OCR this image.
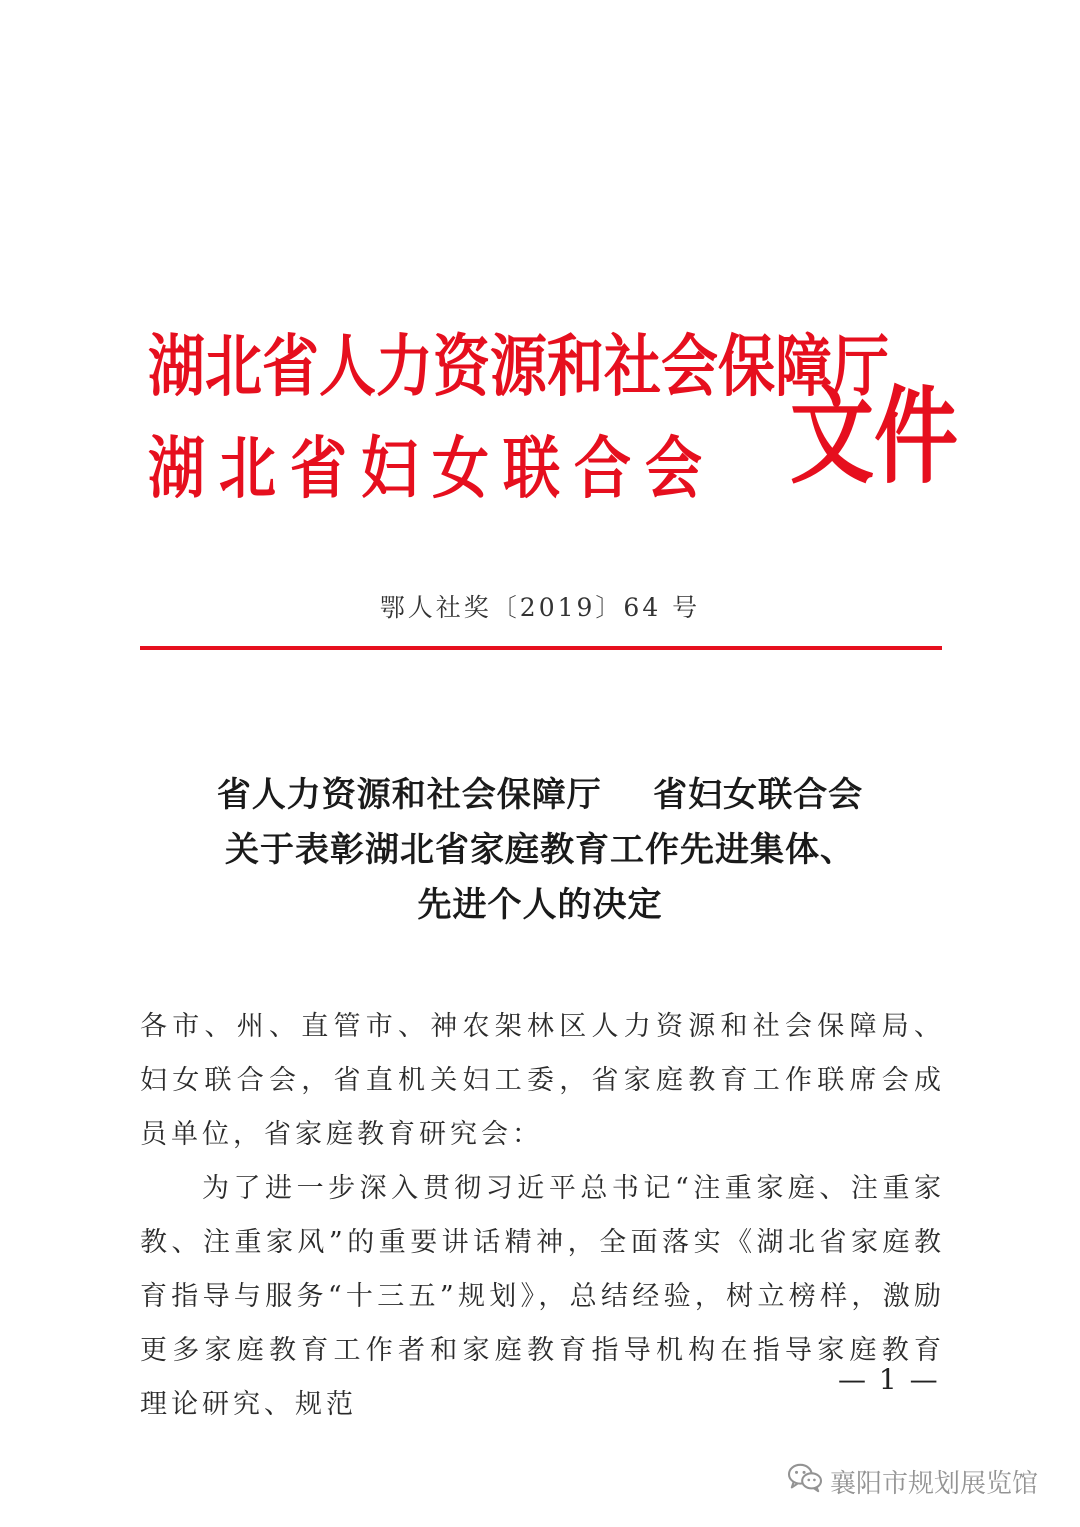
湖北省人力资源和社会保障厅
湖北省妇女联合会 文件
鄂人社奖〔2019〕64 号
省人力资源和社会保障厅    省妇女联合会
关于表彰湖北省家庭教育工作先进集体、
先进个人的决定

各市、州、直管市、神农架林区人力资源和社会保障局、妇女联合会，省直机关妇工委，省家庭教育工作联席会成员单位，省家庭教育研究会：

为了进一步深入贯彻习近平总书记“注重家庭、注重家教、注重家风”的重要讲话精神，全面落实《湖北省家庭教育指导与服务“十三五”规划》，总结经验，树立榜样，激励更多家庭教育工作者和家庭教育指导机构在指导家庭教育理论研究、规范

— 1 —
襄阳市规划展览馆
